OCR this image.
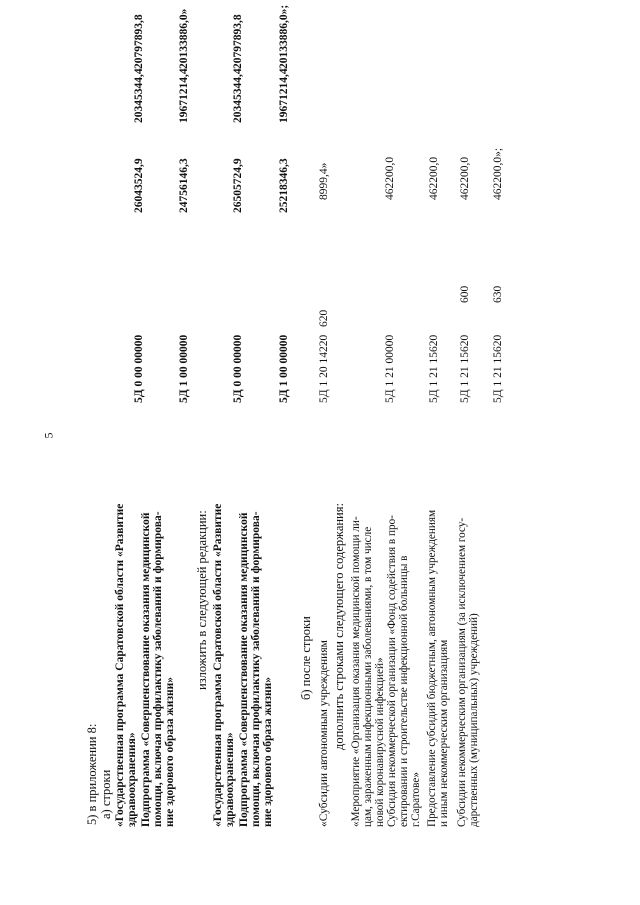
5
5) в приложении 8: а) строки «Государственная программа Саратовской области «Развитие здравоохранения»
5Д 0 00 00000
26043524,9
20345344,4
20797893,8
Подпрограмма «Совершенствование оказания медицинской помощи, включая профилактику заболеваний и формирова- ние здорового образа жизни»
5Д 1 00 00000
24756146,3
19671214,4
20133886,0»
изложить в следующей редакции: «Государственная программа Саратовской области «Развитие здравоохранения»
5Д 0 00 00000
26505724,9
20345344,4
20797893,8
Подпрограмма «Совершенствование оказания медицинской помощи, включая профилактику заболеваний и формирова- ние здорового образа жизни»
5Д 1 00 00000
25218346,3
19671214,4
20133886,0»;
б) после строки «Субсидии автономным учреждениям
5Д 1 20 14220
620
8999,4»
дополнить строками следующего содержания: «Мероприятие «Организация оказания медицинской помощи ли- цам, зараженным инфекционными заболеваниями, в том числе новой коронавирусной инфекцией»
5Д 1 21 00000
462200,0
Субсидия некоммерческой организации «Фонд содействия в про- ектировании и строительстве инфекционной больницы в г.Саратове»
5Д 1 21 15620
462200,0
Предоставление субсидий бюджетным, автономным учреждениям и иным некоммерческим организациям
5Д 1 21 15620
600
462200,0
Субсидии некоммерческим организациям (за исключением госу- дарственных (муниципальных) учреждений)
5Д 1 21 15620
630
462200,0»;
